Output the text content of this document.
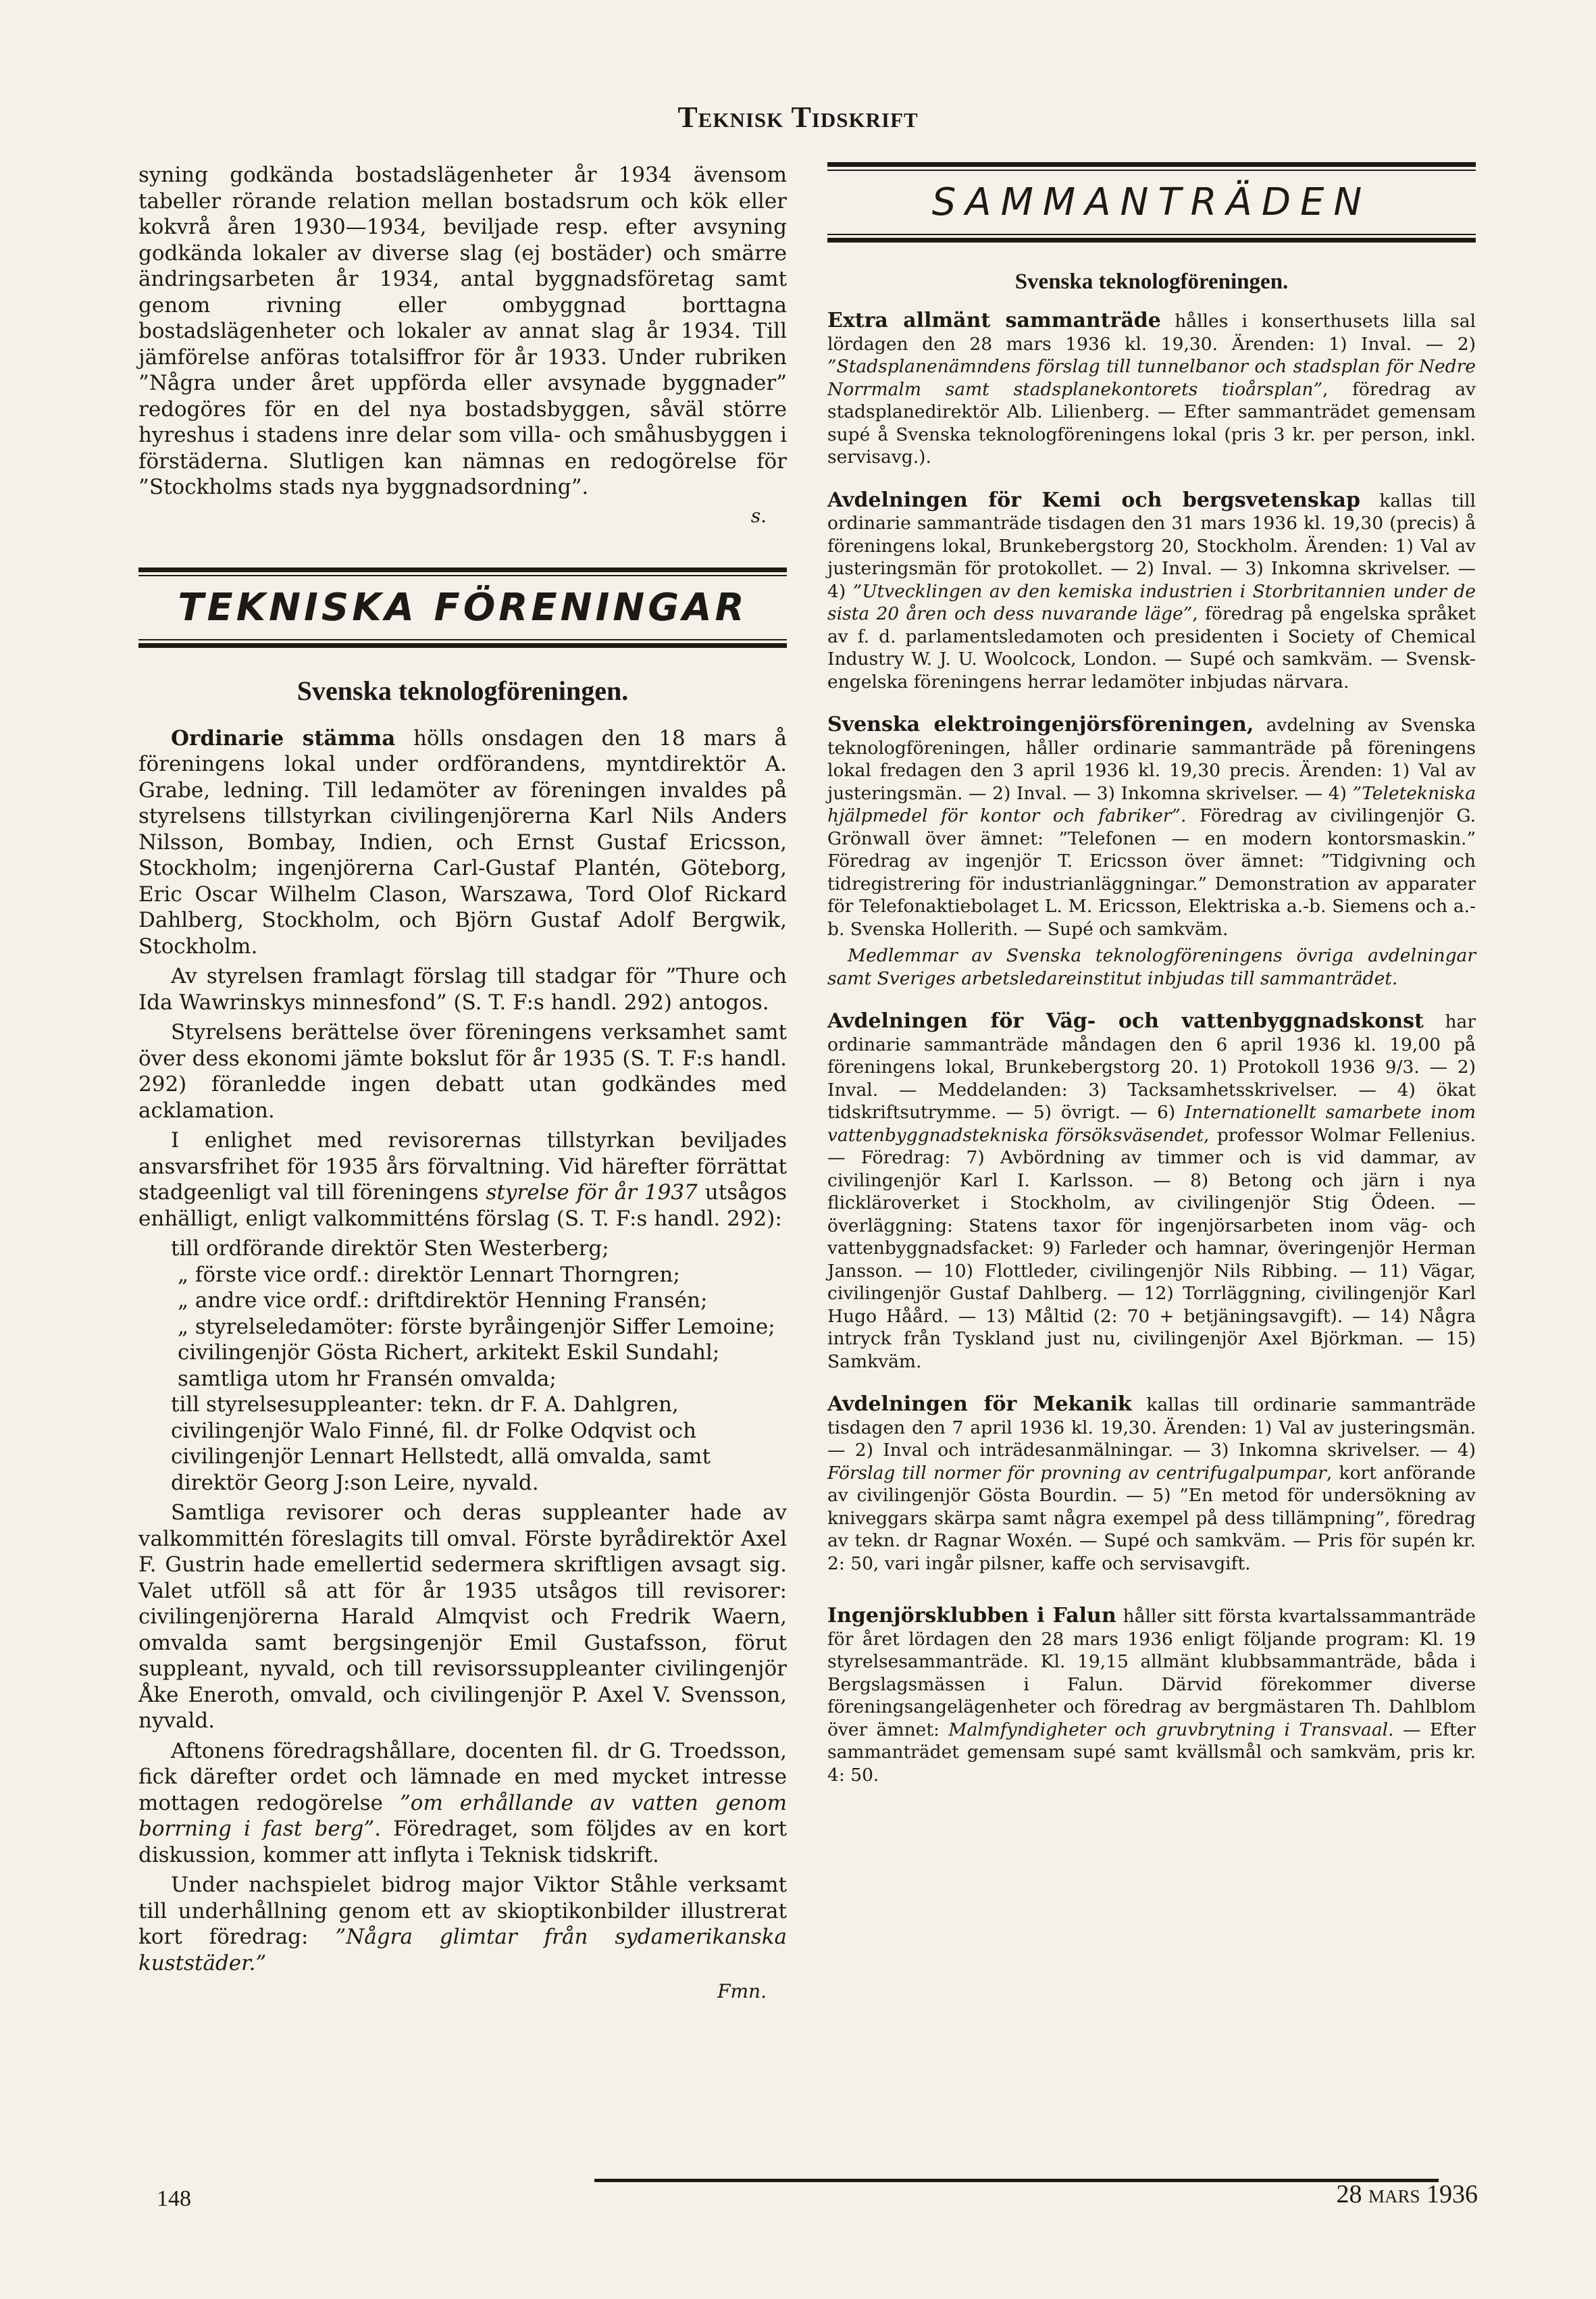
Teknisk Tidskrift

syning godkända bostadslägenheter år 1934 ävensom tabeller rörande relation mellan bostadsrum och kök eller kokvrå åren 1930—1934, beviljade resp. efter avsyning godkända lokaler av diverse slag (ej bostäder) och smärre ändringsarbeten år 1934, antal byggnadsföretag samt genom rivning eller ombyggnad borttagna bostadslägenheter och lokaler av annat slag år 1934. Till jämförelse anföras totalsiffror för år 1933. Under rubriken ”Några under året uppförda eller avsynade byggnader” redogöres för en del nya bostadsbyggen, såväl större hyreshus i stadens inre delar som villa- och småhusbyggen i förstäderna. Slutligen kan nämnas en redogörelse för ”Stockholms stads nya byggnadsordning”.

s.
TEKNISKA FÖRENINGAR
Svenska teknologföreningen.

Ordinarie stämma hölls onsdagen den 18 mars å föreningens lokal under ordförandens, myntdirektör A. Grabe, ledning. Till ledamöter av föreningen invaldes på styrelsens tillstyrkan civilingenjörerna Karl Nils Anders Nilsson, Bombay, Indien, och Ernst Gustaf Ericsson, Stockholm; ingenjörerna Carl-Gustaf Plantén, Göteborg, Eric Oscar Wilhelm Clason, Warszawa, Tord Olof Rickard Dahlberg, Stockholm, och Björn Gustaf Adolf Bergwik, Stockholm.

Av styrelsen framlagt förslag till stadgar för ”Thure och Ida Wawrinskys minnesfond” (S. T. F:s handl. 292) antogos.

Styrelsens berättelse över föreningens verksamhet samt över dess ekonomi jämte bokslut för år 1935 (S. T. F:s handl. 292) föranledde ingen debatt utan godkändes med acklamation.

I enlighet med revisorernas tillstyrkan beviljades ansvarsfrihet för 1935 års förvaltning. Vid härefter förrättat stadgeenligt val till föreningens styrelse för år 1937 utsågos enhälligt, enligt valkommitténs förslag (S. T. F:s handl. 292):

till ordförande direktör Sten Westerberg;
„ förste vice ordf.: direktör Lennart Thorngren;
„ andre vice ordf.: driftdirektör Henning Fransén;
„ styrelseledamöter: förste byråingenjör Siffer Lemoine; civilingenjör Gösta Richert, arkitekt Eskil Sundahl; samtliga utom hr Fransén omvalda;
till styrelsesuppleanter: tekn. dr F. A. Dahlgren, civilingenjör Walo Finné, fil. dr Folke Odqvist och civilingenjör Lennart Hellstedt, allä omvalda, samt direktör Georg J:son Leire, nyvald.

Samtliga revisorer och deras suppleanter hade av valkommittén föreslagits till omval. Förste byrådirektör Axel F. Gustrin hade emellertid sedermera skriftligen avsagt sig. Valet utföll så att för år 1935 utsågos till revisorer: civilingenjörerna Harald Almqvist och Fredrik Waern, omvalda samt bergsingenjör Emil Gustafsson, förut suppleant, nyvald, och till revisorssuppleanter civilingenjör Åke Eneroth, omvald, och civilingenjör P. Axel V. Svensson, nyvald.

Aftonens föredragshållare, docenten fil. dr G. Troedsson, fick därefter ordet och lämnade en med mycket intresse mottagen redogörelse ”om erhållande av vatten genom borrning i fast berg”. Föredraget, som följdes av en kort diskussion, kommer att inflyta i Teknisk tidskrift.

Under nachspielet bidrog major Viktor Ståhle verksamt till underhållning genom ett av skioptikonbilder illustrerat kort föredrag: ”Några glimtar från sydamerikanska kuststäder.”

Fmn.
SAMMANTRÄDEN
Svenska teknologföreningen.

Extra allmänt sammanträde hålles i konserthusets lilla sal lördagen den 28 mars 1936 kl. 19,30. Ärenden: 1) Inval. — 2) ”Stadsplanenämndens förslag till tunnelbanor och stadsplan för Nedre Norrmalm samt stadsplanekontorets tioårsplan”, föredrag av stadsplanedirektör Alb. Lilienberg. — Efter sammanträdet gemensam supé å Svenska teknologföreningens lokal (pris 3 kr. per person, inkl. servisavg.).

Avdelningen för Kemi och bergsvetenskap kallas till ordinarie sammanträde tisdagen den 31 mars 1936 kl. 19,30 (precis) å föreningens lokal, Brunkebergstorg 20, Stockholm. Ärenden: 1) Val av justeringsmän för protokollet. — 2) Inval. — 3) Inkomna skrivelser. — 4) ”Utvecklingen av den kemiska industrien i Storbritannien under de sista 20 åren och dess nuvarande läge”, föredrag på engelska språket av f. d. parlamentsledamoten och presidenten i Society of Chemical Industry W. J. U. Woolcock, London. — Supé och samkväm. — Svensk-engelska föreningens herrar ledamöter inbjudas närvara.

Svenska elektroingenjörsföreningen, avdelning av Svenska teknologföreningen, håller ordinarie sammanträde på föreningens lokal fredagen den 3 april 1936 kl. 19,30 precis. Ärenden: 1) Val av justeringsmän. — 2) Inval. — 3) Inkomna skrivelser. — 4) ”Teletekniska hjälpmedel för kontor och fabriker”. Föredrag av civilingenjör G. Grönwall över ämnet: ”Telefonen — en modern kontorsmaskin.” Föredrag av ingenjör T. Ericsson över ämnet: ”Tidgivning och tidregistrering för industrianläggningar.” Demonstration av apparater för Telefonaktiebolaget L. M. Ericsson, Elektriska a.-b. Siemens och a.-b. Svenska Hollerith. — Supé och samkväm.

Medlemmar av Svenska teknologföreningens övriga avdelningar samt Sveriges arbetsledareinstitut inbjudas till sammanträdet.

Avdelningen för Väg- och vattenbyggnadskonst har ordinarie sammanträde måndagen den 6 april 1936 kl. 19,00 på föreningens lokal, Brunkebergstorg 20. 1) Protokoll 1936 9/3. — 2) Inval. — Meddelanden: 3) Tacksamhetsskrivelser. — 4) ökat tidskriftsutrymme. — 5) övrigt. — 6) Internationellt samarbete inom vattenbyggnadstekniska försöksväsendet, professor Wolmar Fellenius. — Föredrag: 7) Avbördning av timmer och is vid dammar, av civilingenjör Karl I. Karlsson. — 8) Betong och järn i nya flickläroverket i Stockholm, av civilingenjör Stig Ödeen. — överläggning: Statens taxor för ingenjörsarbeten inom väg- och vattenbyggnadsfacket: 9) Farleder och hamnar, överingenjör Herman Jansson. — 10) Flottleder, civilingenjör Nils Ribbing. — 11) Vägar, civilingenjör Gustaf Dahlberg. — 12) Torrläggning, civilingenjör Karl Hugo Håård. — 13) Måltid (2: 70 + betjäningsavgift). — 14) Några intryck från Tyskland just nu, civilingenjör Axel Björkman. — 15) Samkväm.

Avdelningen för Mekanik kallas till ordinarie sammanträde tisdagen den 7 april 1936 kl. 19,30. Ärenden: 1) Val av justeringsmän. — 2) Inval och inträdesanmälningar. — 3) Inkomna skrivelser. — 4) Förslag till normer för provning av centrifugalpumpar, kort anförande av civilingenjör Gösta Bourdin. — 5) ”En metod för undersökning av kniveggars skärpa samt några exempel på dess tillämpning”, föredrag av tekn. dr Ragnar Woxén. — Supé och samkväm. — Pris för supén kr. 2: 50, vari ingår pilsner, kaffe och servisavgift.

Ingenjörsklubben i Falun håller sitt första kvartalssammanträde för året lördagen den 28 mars 1936 enligt följande program: Kl. 19 styrelsesammanträde. Kl. 19,15 allmänt klubbsammanträde, båda i Bergslagsmässen i Falun. Därvid förekommer diverse föreningsangelägenheter och föredrag av bergmästaren Th. Dahlblom över ämnet: Malmfyndigheter och gruvbrytning i Transvaal. — Efter sammanträdet gemensam supé samt kvällsmål och samkväm, pris kr. 4: 50.

148	28 mars 1936
